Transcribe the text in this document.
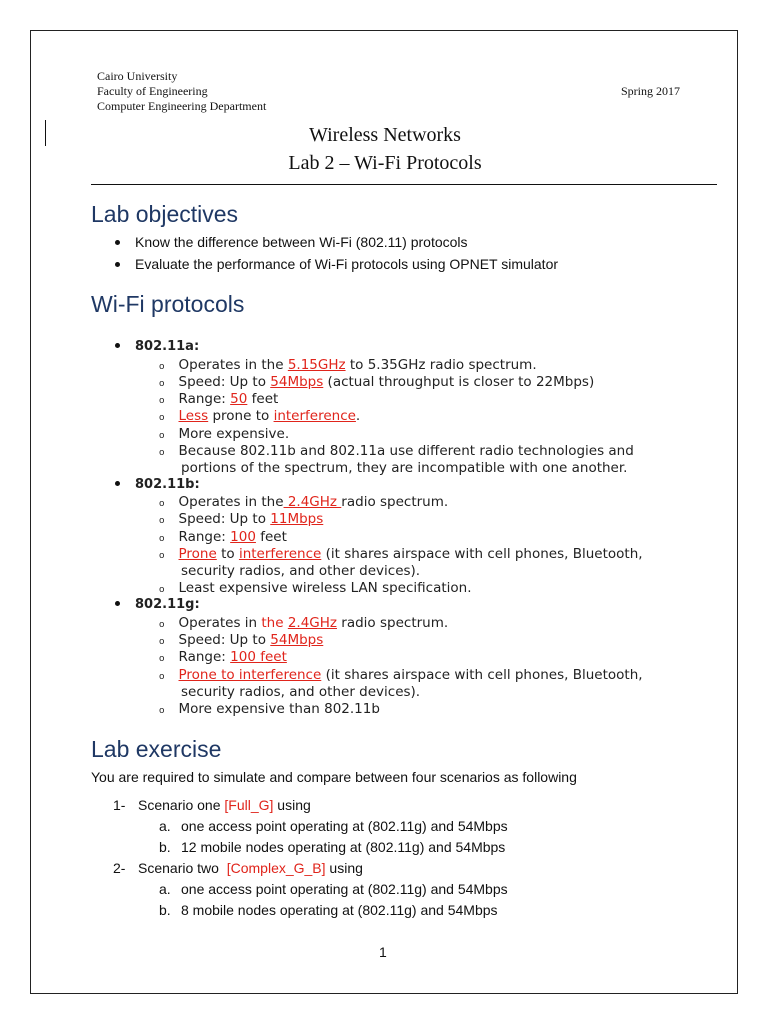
Cairo University
Faculty of Engineering
Computer Engineering Department
Spring 2017
Wireless Networks
Lab 2 – Wi-Fi Protocols
Lab objectives
Know the difference between Wi-Fi (802.11) protocols
Evaluate the performance of Wi-Fi protocols using OPNET simulator
Wi-Fi protocols
802.11a:
o Operates in the 5.15GHz to 5.35GHz radio spectrum.
o Speed: Up to 54Mbps (actual throughput is closer to 22Mbps)
o Range: 50 feet
o Less prone to interference.
o More expensive.
o Because 802.11b and 802.11a use different radio technologies and
portions of the spectrum, they are incompatible with one another.
802.11b:
o Operates in the 2.4GHz radio spectrum.
o Speed: Up to 11Mbps
o Range: 100 feet
o Prone to interference (it shares airspace with cell phones, Bluetooth,
security radios, and other devices).
o Least expensive wireless LAN specification.
802.11g:
o Operates in the 2.4GHz radio spectrum.
o Speed: Up to 54Mbps
o Range: 100 feet
o Prone to interference (it shares airspace with cell phones, Bluetooth,
security radios, and other devices).
o More expensive than 802.11b
Lab exercise
You are required to simulate and compare between four scenarios as following
1- Scenario one [Full_G] using
a. one access point operating at (802.11g) and 54Mbps
b. 12 mobile nodes operating at (802.11g) and 54Mbps
2- Scenario two  [Complex_G_B] using
a. one access point operating at (802.11g) and 54Mbps
b. 8 mobile nodes operating at (802.11g) and 54Mbps
1
